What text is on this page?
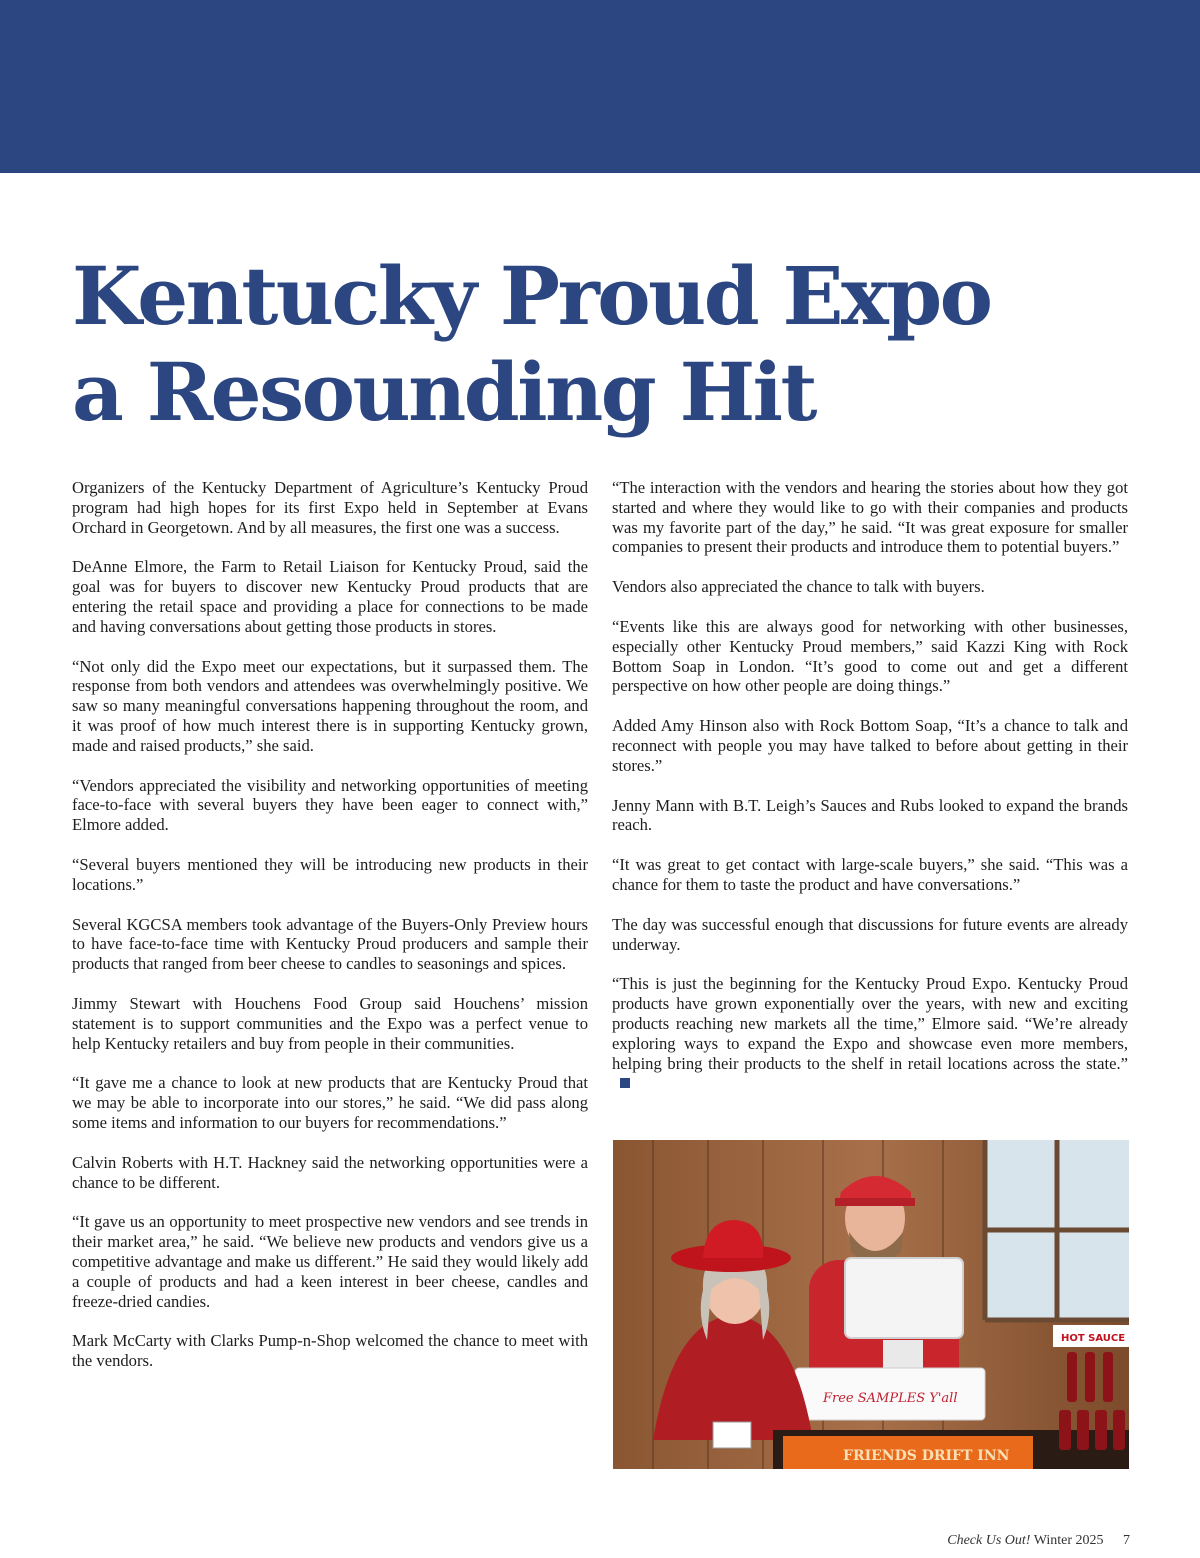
Kentucky Proud Expo
a Resounding Hit

Organizers of the Kentucky Department of Agriculture’s Kentucky Proud program had high hopes for its first Expo held in September at Evans Orchard in Georgetown. And by all measures, the first one was a success.

DeAnne Elmore, the Farm to Retail Liaison for Kentucky Proud, said the goal was for buyers to discover new Kentucky Proud products that are entering the retail space and providing a place for connections to be made and having conversations about getting those products in stores.

“Not only did the Expo meet our expectations, but it surpassed them. The response from both vendors and attendees was overwhelmingly positive. We saw so many meaningful conversations happening throughout the room, and it was proof of how much interest there is in supporting Kentucky grown, made and raised products,” she said.

“Vendors appreciated the visibility and networking opportunities of meeting face-to-face with several buyers they have been eager to connect with,” Elmore added.

“Several buyers mentioned they will be introducing new products in their locations.”

Several KGCSA members took advantage of the Buyers-Only Preview hours to have face-to-face time with Kentucky Proud producers and sample their products that ranged from beer cheese to candles to seasonings and spices.

Jimmy Stewart with Houchens Food Group said Houchens’ mission statement is to support communities and the Expo was a perfect venue to help Kentucky retailers and buy from people in their communities.

“It gave me a chance to look at new products that are Kentucky Proud that we may be able to incorporate into our stores,” he said. “We did pass along some items and information to our buyers for recommendations.”

Calvin Roberts with H.T. Hackney said the networking opportunities were a chance to be different.

“It gave us an opportunity to meet prospective new vendors and see trends in their market area,” he said. “We believe new products and vendors give us a competitive advantage and make us different.” He said they would likely add a couple of products and had a keen interest in beer cheese, candles and freeze-dried candies.

Mark McCarty with Clarks Pump-n-Shop welcomed the chance to meet with the vendors.

“The interaction with the vendors and hearing the stories about how they got started and where they would like to go with their companies and products was my favorite part of the day,” he said. “It was great exposure for smaller companies to present their products and introduce them to potential buyers.”

Vendors also appreciated the chance to talk with buyers.

“Events like this are always good for networking with other businesses, especially other Kentucky Proud members,” said Kazzi King with Rock Bottom Soap in London. “It’s good to come out and get a different perspective on how other people are doing things.”

Added Amy Hinson also with Rock Bottom Soap, “It’s a chance to talk and reconnect with people you may have talked to before about getting in their stores.”

Jenny Mann with B.T. Leigh’s Sauces and Rubs looked to expand the brands reach.

“It was great to get contact with large-scale buyers,” she said. “This was a chance for them to taste the product and have conversations.”

The day was successful enough that discussions for future events are already underway.

“This is just the beginning for the Kentucky Proud Expo. Kentucky Proud products have grown exponentially over the years, with new and exciting products reaching new markets all the time,” Elmore said. “We’re already exploring ways to expand the Expo and showcase even more members, helping bring their products to the shelf in retail locations across the state.”

Free SAMPLES Y'all
FRIENDS DRIFT INN
HOT SAUCE
Check Us Out! Winter 2025 7
